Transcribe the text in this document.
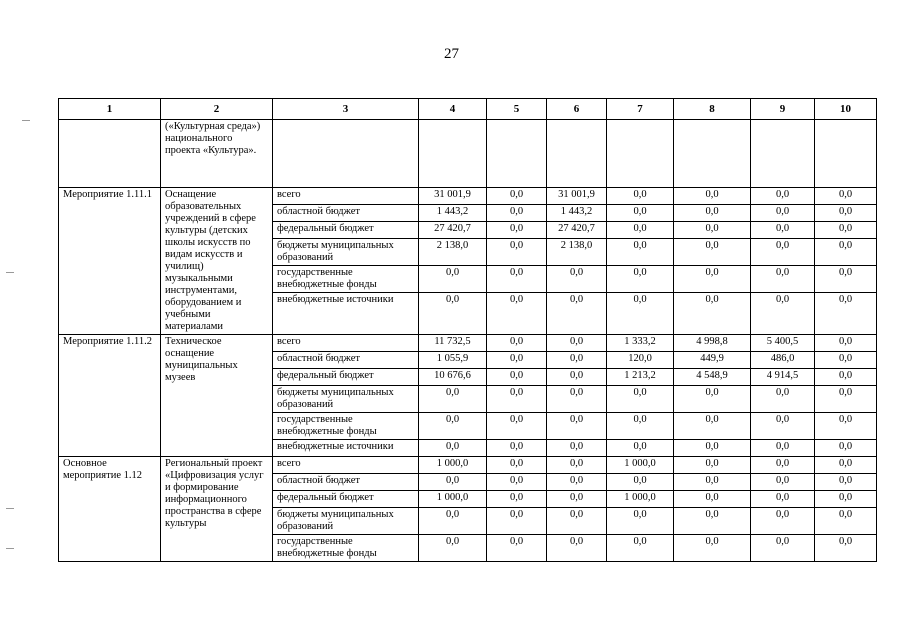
27
1	2	3	4	5	6	7	8	9	10
	(«Культурная среда») национального проекта «Культура».								
Мероприятие 1.11.1	Оснащение образовательных учреждений в сфере культуры (детских школы искусств по видам искусств и училищ) музыкальными инструментами, оборудованием и учебными материалами	всего	31 001,9	0,0	31 001,9	0,0	0,0	0,0	0,0
		областной бюджет	1 443,2	0,0	1 443,2	0,0	0,0	0,0	0,0
		федеральный бюджет	27 420,7	0,0	27 420,7	0,0	0,0	0,0	0,0
		бюджеты муниципальных образований	2 138,0	0,0	2 138,0	0,0	0,0	0,0	0,0
		государственные внебюджетные фонды	0,0	0,0	0,0	0,0	0,0	0,0	0,0
		внебюджетные источники	0,0	0,0	0,0	0,0	0,0	0,0	0,0
Мероприятие 1.11.2	Техническое оснащение муниципальных музеев	всего	11 732,5	0,0	0,0	1 333,2	4 998,8	5 400,5	0,0
		областной бюджет	1 055,9	0,0	0,0	120,0	449,9	486,0	0,0
		федеральный бюджет	10 676,6	0,0	0,0	1 213,2	4 548,9	4 914,5	0,0
		бюджеты муниципальных образований	0,0	0,0	0,0	0,0	0,0	0,0	0,0
		государственные внебюджетные фонды	0,0	0,0	0,0	0,0	0,0	0,0	0,0
		внебюджетные источники	0,0	0,0	0,0	0,0	0,0	0,0	0,0
Основное мероприятие 1.12	Региональный проект «Цифровизация услуг и формирование информационного пространства в сфере культуры	всего	1 000,0	0,0	0,0	1 000,0	0,0	0,0	0,0
		областной бюджет	0,0	0,0	0,0	0,0	0,0	0,0	0,0
		федеральный бюджет	1 000,0	0,0	0,0	1 000,0	0,0	0,0	0,0
		бюджеты муниципальных образований	0,0	0,0	0,0	0,0	0,0	0,0	0,0
		государственные внебюджетные фонды	0,0	0,0	0,0	0,0	0,0	0,0	0,0
